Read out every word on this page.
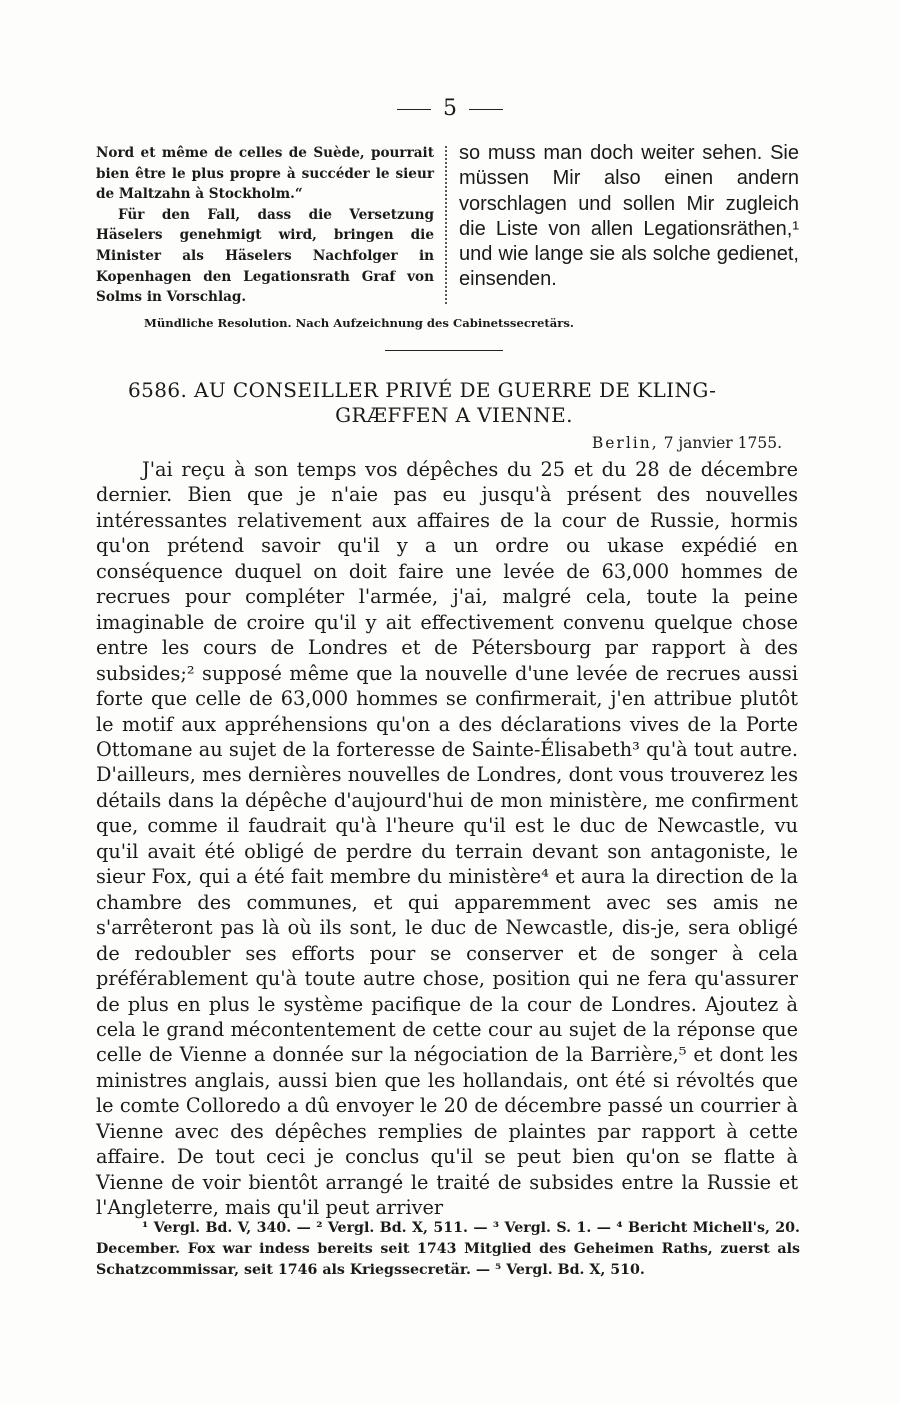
5

Nord et même de celles de Suède, pourrait bien être le plus propre à succéder le sieur de Maltzahn à Stockholm.“

Für den Fall, dass die Versetzung Häselers genehmigt wird, bringen die Minister als Häselers Nachfolger in Kopenhagen den Legationsrath Graf von Solms in Vorschlag.

so muss man doch weiter sehen. Sie müssen Mir also einen andern vorschlagen und sollen Mir zugleich die Liste von allen Legationsräthen,¹ und wie lange sie als solche gedienet, einsenden.

Mündliche Resolution. Nach Aufzeichnung des Cabinetssecretärs.
6586. AU CONSEILLER PRIVÉ DE GUERRE DE KLING-
GRÆFFEN A VIENNE.
Berlin, 7 janvier 1755.

J'ai reçu à son temps vos dépêches du 25 et du 28 de décembre dernier. Bien que je n'aie pas eu jusqu'à présent des nouvelles intéressantes relativement aux affaires de la cour de Russie, hormis qu'on prétend savoir qu'il y a un ordre ou ukase expédié en conséquence duquel on doit faire une levée de 63,000 hommes de recrues pour compléter l'armée, j'ai, malgré cela, toute la peine imaginable de croire qu'il y ait effectivement convenu quelque chose entre les cours de Londres et de Pétersbourg par rapport à des subsides;² supposé même que la nouvelle d'une levée de recrues aussi forte que celle de 63,000 hommes se confirmerait, j'en attribue plutôt le motif aux appréhensions qu'on a des déclarations vives de la Porte Ottomane au sujet de la forteresse de Sainte-Élisabeth³ qu'à tout autre. D'ailleurs, mes dernières nouvelles de Londres, dont vous trouverez les détails dans la dépêche d'aujourd'hui de mon ministère, me confirment que, comme il faudrait qu'à l'heure qu'il est le duc de Newcastle, vu qu'il avait été obligé de perdre du terrain devant son antagoniste, le sieur Fox, qui a été fait membre du ministère⁴ et aura la direction de la chambre des communes, et qui apparemment avec ses amis ne s'arrêteront pas là où ils sont, le duc de Newcastle, dis-je, sera obligé de redoubler ses efforts pour se conserver et de songer à cela préférablement qu'à toute autre chose, position qui ne fera qu'assurer de plus en plus le système pacifique de la cour de Londres. Ajoutez à cela le grand mécontentement de cette cour au sujet de la réponse que celle de Vienne a donnée sur la négociation de la Barrière,⁵ et dont les ministres anglais, aussi bien que les hollandais, ont été si révoltés que le comte Colloredo a dû envoyer le 20 de décembre passé un courrier à Vienne avec des dépêches remplies de plaintes par rapport à cette affaire. De tout ceci je conclus qu'il se peut bien qu'on se flatte à Vienne de voir bientôt arrangé le traité de subsides entre la Russie et l'Angleterre, mais qu'il peut arriver

¹ Vergl. Bd. V, 340. — ² Vergl. Bd. X, 511. — ³ Vergl. S. 1. — ⁴ Bericht Michell's, 20. December. Fox war indess bereits seit 1743 Mitglied des Geheimen Raths, zuerst als Schatzcommissar, seit 1746 als Kriegssecretär. — ⁵ Vergl. Bd. X, 510.
